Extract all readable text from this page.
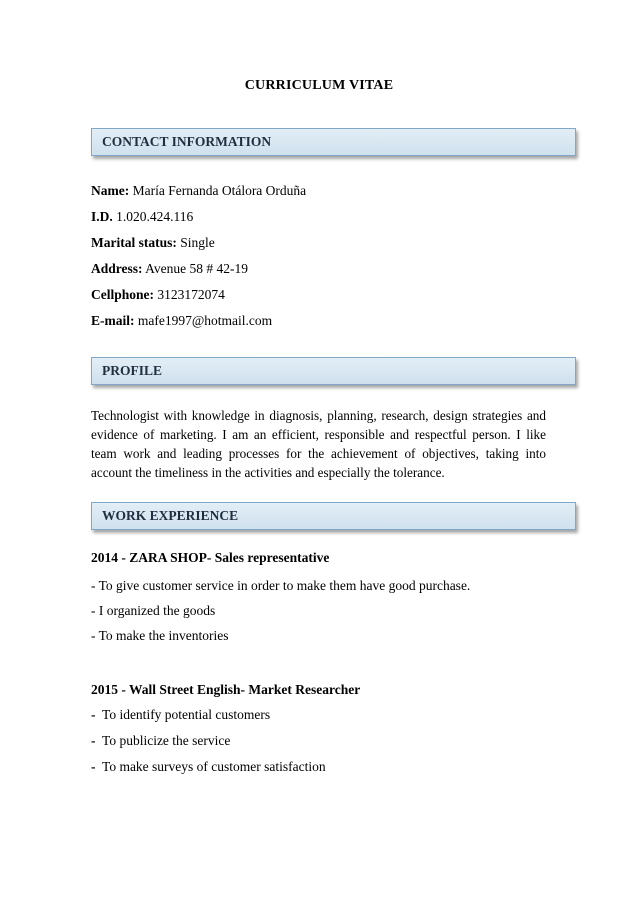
CURRICULUM VITAE
CONTACT INFORMATION
Name: María Fernanda Otálora Orduña
I.D. 1.020.424.116
Marital status: Single
Address: Avenue 58 # 42-19
Cellphone: 3123172074
E-mail: mafe1997@hotmail.com
PROFILE
Technologist with knowledge in diagnosis, planning, research, design strategies and evidence of marketing. I am an efficient, responsible and respectful person. I like team work and leading processes for the achievement of objectives, taking into account the timeliness in the activities and especially the tolerance.
WORK EXPERIENCE
2014 - ZARA SHOP- Sales representative
- To give customer service in order to make them have good purchase.
- I organized the goods
- To make the inventories
2015 - Wall Street English- Market Researcher
- To identify potential customers
- To publicize the service
- To make surveys of customer satisfaction
